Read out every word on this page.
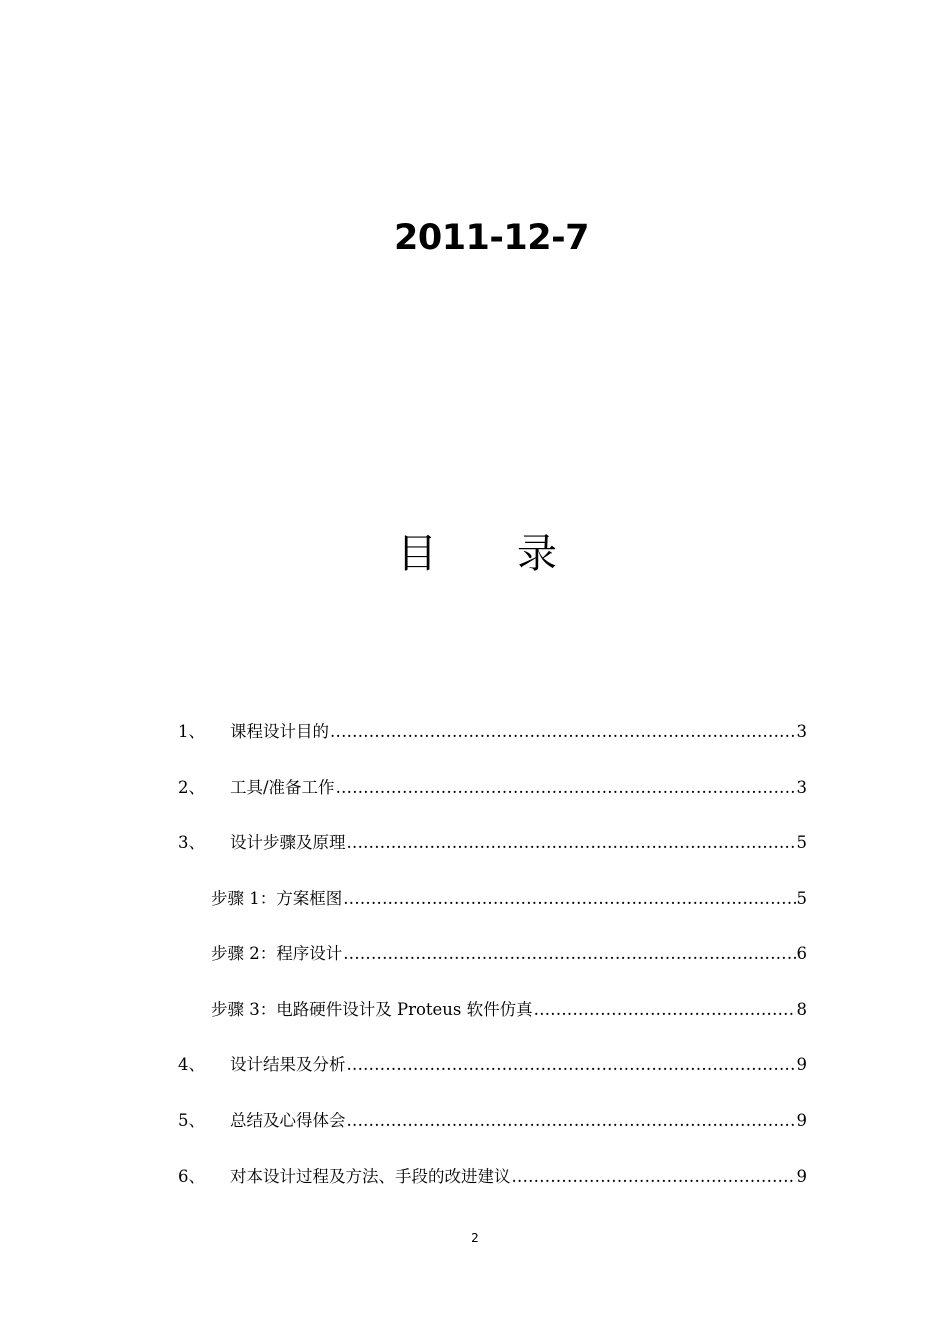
2011-12-7
目 录
1、	课程设计目的 .....	3
2、	工具/准备工作 .....	3
3、	设计步骤及原理 .....	5
步骤 1：方案框图 .....	5
步骤 2：程序设计 .....	6
步骤 3：电路硬件设计及 Proteus 软件仿真 .....	8
4、	设计结果及分析 .....	9
5、	总结及心得体会 .....	9
6、	对本设计过程及方法、手段的改进建议 .....	9
2
